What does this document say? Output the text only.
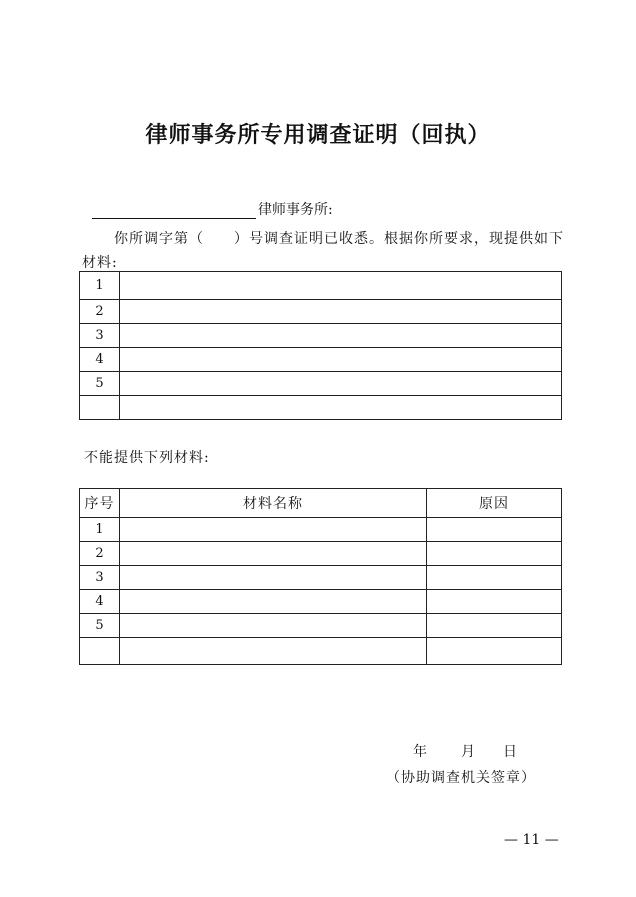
律师事务所专用调查证明（回执）
律师事务所:
你所调字第（ ）号调查证明已收悉。根据你所要求，现提供如下材料:
1	
2	
3	
4	
5	

不能提供下列材料:
序号	材料名称	原因
1		
2		
3		
4		
5		

年 月 日
（协助调查机关签章）
— 11 —
